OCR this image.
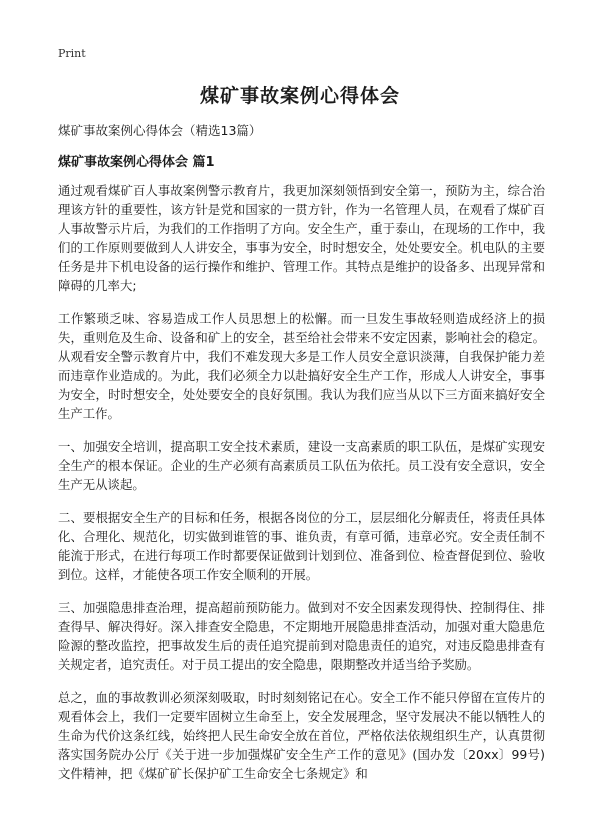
Print
煤矿事故案例心得体会

煤矿事故案例心得体会（精选13篇）

煤矿事故案例心得体会 篇1

通过观看煤矿百人事故案例警示教育片，我更加深刻领悟到安全第一，预防为主，综合治理该方针的重要性，该方针是党和国家的一贯方针，作为一名管理人员，在观看了煤矿百人事故警示片后，为我们的工作指明了方向。安全生产，重于泰山，在现场的工作中，我们的工作原则要做到人人讲安全，事事为安全，时时想安全，处处要安全。机电队的主要任务是井下机电设备的运行操作和维护、管理工作。其特点是维护的设备多、出现异常和障碍的几率大;

工作繁琐乏味、容易造成工作人员思想上的松懈。而一旦发生事故轻则造成经济上的损失，重则危及生命、设备和矿上的安全，甚至给社会带来不安定因素，影响社会的稳定。从观看安全警示教育片中，我们不难发现大多是工作人员安全意识淡薄，自我保护能力差而违章作业造成的。为此，我们必须全力以赴搞好安全生产工作，形成人人讲安全，事事为安全，时时想安全，处处要安全的良好氛围。我认为我们应当从以下三方面来搞好安全生产工作。

一、加强安全培训，提高职工安全技术素质，建设一支高素质的职工队伍，是煤矿实现安全生产的根本保证。企业的生产必须有高素质员工队伍为依托。员工没有安全意识，安全生产无从谈起。

二、要根据安全生产的目标和任务，根据各岗位的分工，层层细化分解责任，将责任具体化、合理化、规范化，切实做到谁管的事、谁负责，有章可循，违章必究。安全责任制不能流于形式，在进行每项工作时都要保证做到计划到位、准备到位、检查督促到位、验收到位。这样，才能使各项工作安全顺利的开展。

三、加强隐患排查治理，提高超前预防能力。做到对不安全因素发现得快、控制得住、排查得早、解决得好。深入排查安全隐患，不定期地开展隐患排查活动，加强对重大隐患危险源的整改监控，把事故发生后的责任追究提前到对隐患责任的追究，对违反隐患排查有关规定者，追究责任。对于员工提出的安全隐患，限期整改并适当给予奖励。

总之，血的事故教训必须深刻吸取，时时刻刻铭记在心。安全工作不能只停留在宣传片的观看体会上，我们一定要牢固树立生命至上，安全发展理念，坚守发展决不能以牺牲人的生命为代价这条红线，始终把人民生命安全放在首位，严格依法依规组织生产，认真贯彻落实国务院办公厅《关于进一步加强煤矿安全生产工作的意见》(国办发〔20xx〕99号)文件精神，把《煤矿矿长保护矿工生命安全七条规定》和
